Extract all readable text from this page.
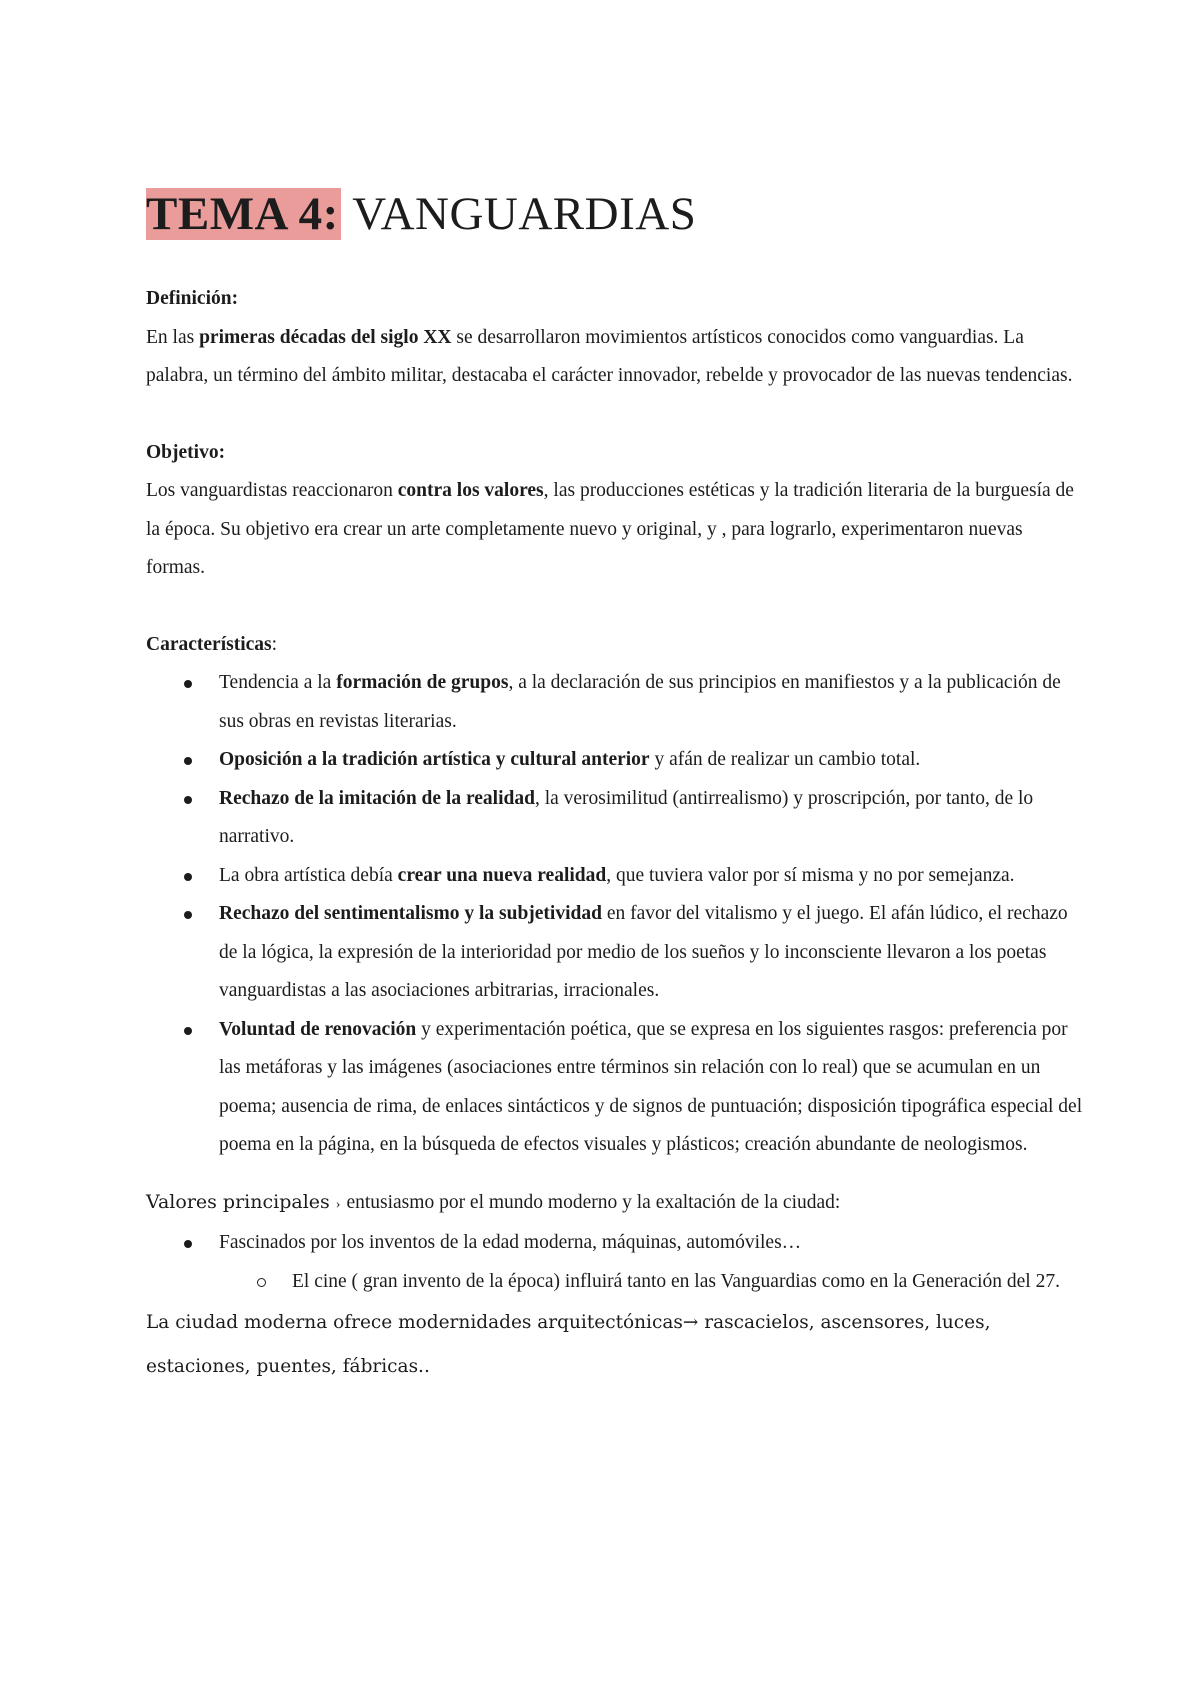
TEMA 4: VANGUARDIAS

Definición:

En las primeras décadas del siglo XX se desarrollaron movimientos artísticos conocidos como vanguardias. La palabra, un término del ámbito militar, destacaba el carácter innovador, rebelde y provocador de las nuevas tendencias.

Objetivo:

Los vanguardistas reaccionaron contra los valores, las producciones estéticas y la tradición literaria de la burguesía de la época. Su objetivo era crear un arte completamente nuevo y original, y , para lograrlo, experimentaron nuevas formas.

Características:

Tendencia a la formación de grupos, a la declaración de sus principios en manifiestos y a la publicación de sus obras en revistas literarias.
Oposición a la tradición artística y cultural anterior y afán de realizar un cambio total.
Rechazo de la imitación de la realidad, la verosimilitud (antirrealismo) y proscripción, por tanto, de lo narrativo.
La obra artística debía crear una nueva realidad, que tuviera valor por sí misma y no por semejanza.
Rechazo del sentimentalismo y la subjetividad en favor del vitalismo y el juego. El afán lúdico, el rechazo de la lógica, la expresión de la interioridad por medio de los sueños y lo inconsciente llevaron a los poetas vanguardistas a las asociaciones arbitrarias, irracionales.
Voluntad de renovación y experimentación poética, que se expresa en los siguientes rasgos: preferencia por las metáforas y las imágenes (asociaciones entre términos sin relación con lo real) que se acumulan en un poema; ausencia de rima, de enlaces sintácticos y de signos de puntuación; disposición tipográfica especial del poema en la página, en la búsqueda de efectos visuales y plásticos; creación abundante de neologismos.

Valores principales › entusiasmo por el mundo moderno y la exaltación de la ciudad:

Fascinados por los inventos de la edad moderna, máquinas, automóviles…
El cine ( gran invento de la época) influirá tanto en las Vanguardias como en la Generación del 27.

La ciudad moderna ofrece modernidades arquitectónicas→ rascacielos, ascensores, luces, estaciones, puentes, fábricas..
